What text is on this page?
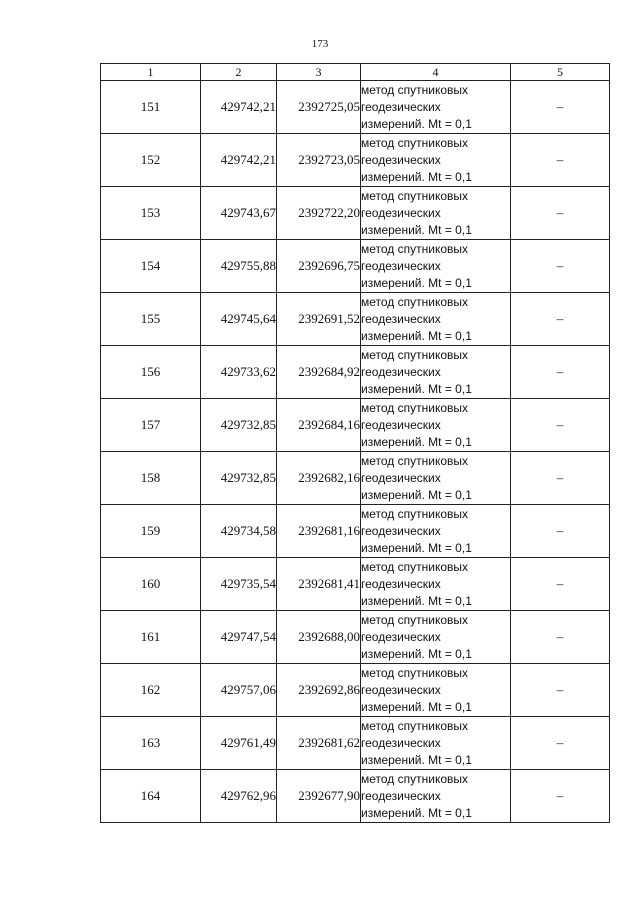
173
1	2	3	4	5
151	429742,21	2392725,05	метод спутниковых
геодезических
измерений. Mt = 0,1	–
152	429742,21	2392723,05	метод спутниковых
геодезических
измерений. Mt = 0,1	–
153	429743,67	2392722,20	метод спутниковых
геодезических
измерений. Mt = 0,1	–
154	429755,88	2392696,75	метод спутниковых
геодезических
измерений. Mt = 0,1	–
155	429745,64	2392691,52	метод спутниковых
геодезических
измерений. Mt = 0,1	–
156	429733,62	2392684,92	метод спутниковых
геодезических
измерений. Mt = 0,1	–
157	429732,85	2392684,16	метод спутниковых
геодезических
измерений. Mt = 0,1	–
158	429732,85	2392682,16	метод спутниковых
геодезических
измерений. Mt = 0,1	–
159	429734,58	2392681,16	метод спутниковых
геодезических
измерений. Mt = 0,1	–
160	429735,54	2392681,41	метод спутниковых
геодезических
измерений. Mt = 0,1	–
161	429747,54	2392688,00	метод спутниковых
геодезических
измерений. Mt = 0,1	–
162	429757,06	2392692,86	метод спутниковых
геодезических
измерений. Mt = 0,1	–
163	429761,49	2392681,62	метод спутниковых
геодезических
измерений. Mt = 0,1	–
164	429762,96	2392677,90	метод спутниковых
геодезических
измерений. Mt = 0,1	–
